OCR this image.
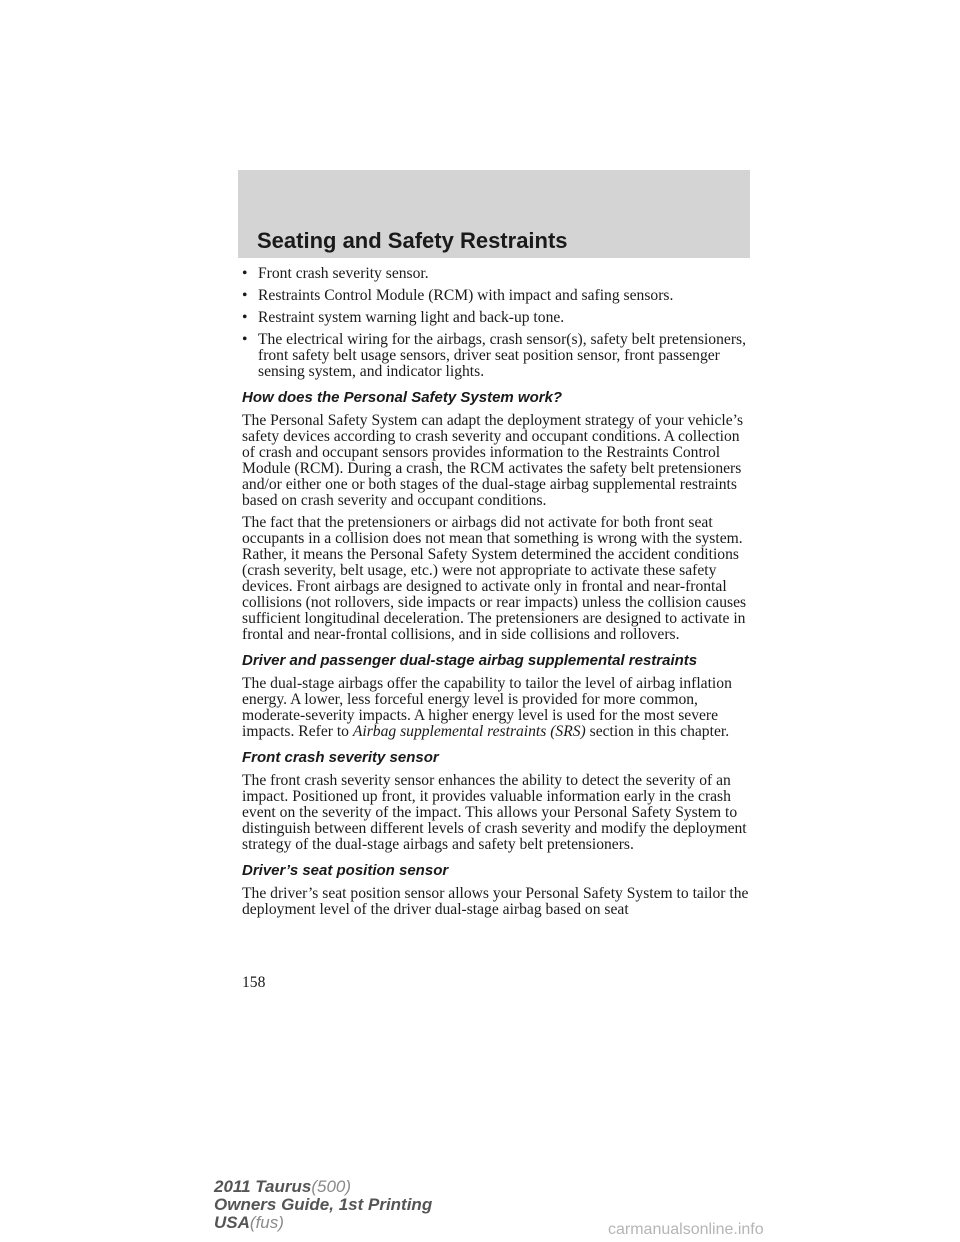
Seating and Safety Restraints
• Front crash severity sensor.
• Restraints Control Module (RCM) with impact and safing sensors.
• Restraint system warning light and back-up tone.
• The electrical wiring for the airbags, crash sensor(s), safety belt pretensioners, front safety belt usage sensors, driver seat position sensor, front passenger sensing system, and indicator lights.
How does the Personal Safety System work?

The Personal Safety System can adapt the deployment strategy of your vehicle’s safety devices according to crash severity and occupant conditions. A collection of crash and occupant sensors provides information to the Restraints Control Module (RCM). During a crash, the RCM activates the safety belt pretensioners and/or either one or both stages of the dual-stage airbag supplemental restraints based on crash severity and occupant conditions.

The fact that the pretensioners or airbags did not activate for both front seat occupants in a collision does not mean that something is wrong with the system. Rather, it means the Personal Safety System determined the accident conditions (crash severity, belt usage, etc.) were not appropriate to activate these safety devices. Front airbags are designed to activate only in frontal and near-frontal collisions (not rollovers, side impacts or rear impacts) unless the collision causes sufficient longitudinal deceleration. The pretensioners are designed to activate in frontal and near-frontal collisions, and in side collisions and rollovers.

Driver and passenger dual-stage airbag supplemental restraints

The dual-stage airbags offer the capability to tailor the level of airbag inflation energy. A lower, less forceful energy level is provided for more common, moderate-severity impacts. A higher energy level is used for the most severe impacts. Refer to Airbag supplemental restraints (SRS) section in this chapter.

Front crash severity sensor

The front crash severity sensor enhances the ability to detect the severity of an impact. Positioned up front, it provides valuable information early in the crash event on the severity of the impact. This allows your Personal Safety System to distinguish between different levels of crash severity and modify the deployment strategy of the dual-stage airbags and safety belt pretensioners.

Driver’s seat position sensor

The driver’s seat position sensor allows your Personal Safety System to tailor the deployment level of the driver dual-stage airbag based on seat

158
2011 Taurus(500)
Owners Guide, 1st Printing
USA(fus)	carmanualsonline.info
